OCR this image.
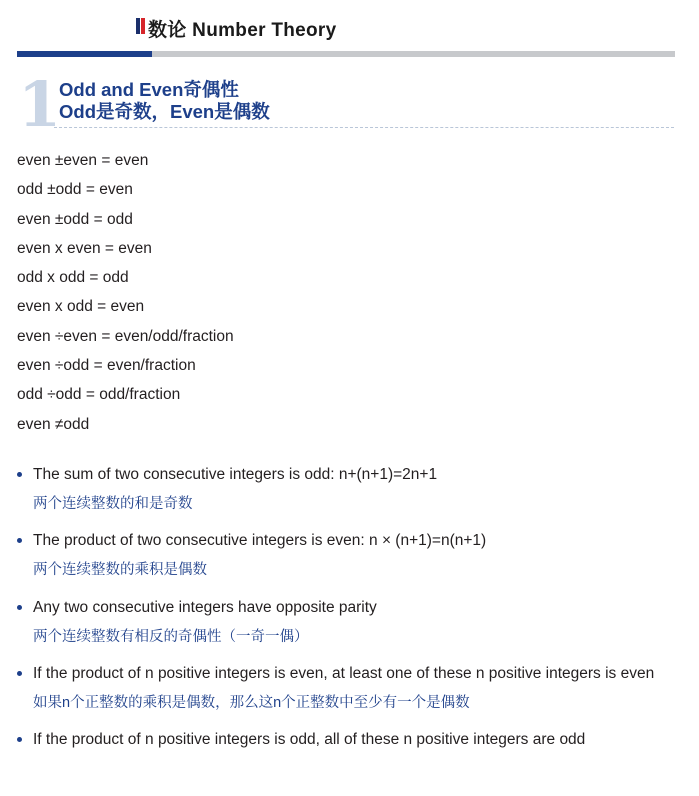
数论 Number Theory
1
Odd and Even奇偶性
Odd是奇数，Even是偶数
even ±even = even
odd ±odd = even
even ±odd = odd
even x even = even
odd x odd = odd
even x odd = even
even ÷even = even/odd/fraction
even ÷odd = even/fraction
odd ÷odd = odd/fraction
even ≠odd
The sum of two consecutive integers is odd: n+(n+1)=2n+1
两个连续整数的和是奇数
The product of two consecutive integers is even: n × (n+1)=n(n+1)
两个连续整数的乘积是偶数
Any two consecutive integers have opposite parity
两个连续整数有相反的奇偶性（一奇一偶）
If the product of n positive integers is even, at least one of these n positive integers is even
如果n个正整数的乘积是偶数，那么这n个正整数中至少有一个是偶数
If the product of n positive integers is odd, all of these n positive integers are odd
